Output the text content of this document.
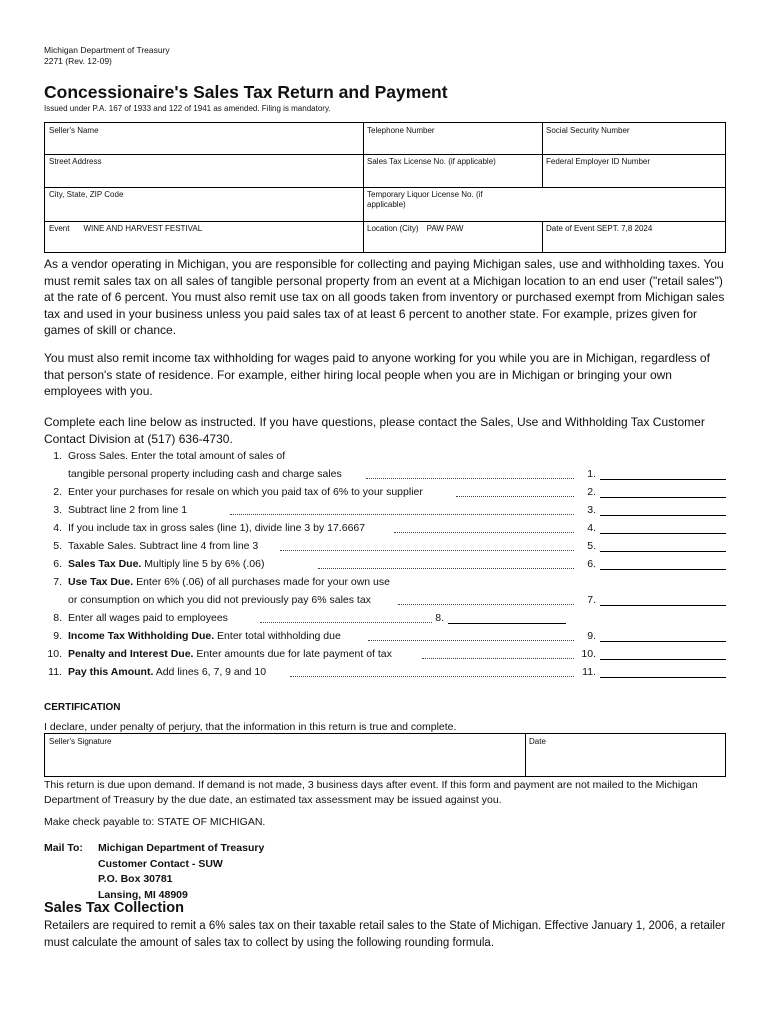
Michigan Department of Treasury
2271 (Rev. 12-09)
Concessionaire's Sales Tax Return and Payment
Issued under P.A. 167 of 1933 and 122 of 1941 as amended. Filing is mandatory.
Seller's Name	Telephone Number	Social Security Number
Street Address	Sales Tax License No. (if applicable)	Federal Employer ID Number
City, State, ZIP Code	Temporary Liquor License No. (if applicable)
Event WINE AND HARVEST FESTIVAL	Location (City) PAW PAW	Date of Event SEPT. 7,8 2024
As a vendor operating in Michigan, you are responsible for collecting and paying Michigan sales, use and withholding taxes. You must remit sales tax on all sales of tangible personal property from an event at a Michigan location to an end user ("retail sales") at the rate of 6 percent. You must also remit use tax on all goods taken from inventory or purchased exempt from Michigan sales tax and used in your business unless you paid sales tax of at least 6 percent to another state. For example, prizes given for games of skill or chance.
You must also remit income tax withholding for wages paid to anyone working for you while you are in Michigan, regardless of that person's state of residence. For example, either hiring local people when you are in Michigan or bringing your own employees with you.
Complete each line below as instructed. If you have questions, please contact the Sales, Use and Withholding Tax Customer Contact Division at (517) 636-4730.
1. Gross Sales. Enter the total amount of sales of
tangible personal property including cash and charge sales	1.
2. Enter your purchases for resale on which you paid tax of 6% to your supplier	2.
3. Subtract line 2 from line 1	3.
4. If you include tax in gross sales (line 1), divide line 3 by 17.6667	4.
5. Taxable Sales. Subtract line 4 from line 3	5.
6. Sales Tax Due. Multiply line 5 by 6% (.06)	6.
7. Use Tax Due. Enter 6% (.06) of all purchases made for your own use
or consumption on which you did not previously pay 6% sales tax	7.
8. Enter all wages paid to employees	8.
9. Income Tax Withholding Due. Enter total withholding due	9.
10. Penalty and Interest Due. Enter amounts due for late payment of tax	10.
11. Pay this Amount. Add lines 6, 7, 9 and 10	11.
CERTIFICATION
I declare, under penalty of perjury, that the information in this return is true and complete.
Seller's Signature	Date
This return is due upon demand. If demand is not made, 3 business days after event. If this form and payment are not mailed to the Michigan Department of Treasury by the due date, an estimated tax assessment may be issued against you.
Make check payable to: STATE OF MICHIGAN.
Mail To: Michigan Department of Treasury
Customer Contact - SUW
P.O. Box 30781
Lansing, MI 48909
Sales Tax Collection
Retailers are required to remit a 6% sales tax on their taxable retail sales to the State of Michigan. Effective January 1, 2006, a retailer must calculate the amount of sales tax to collect by using the following rounding formula.
